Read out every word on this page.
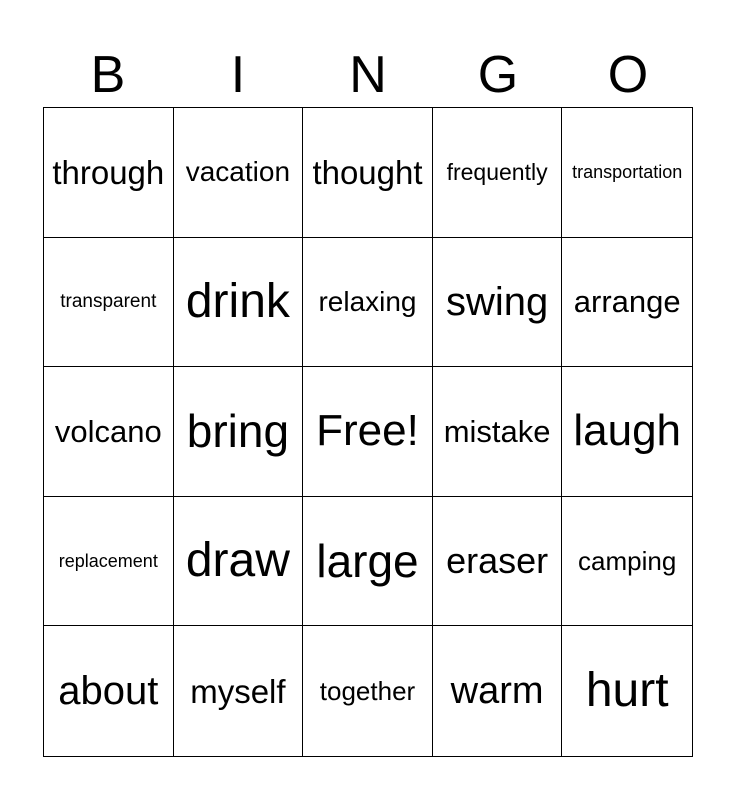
B	I	N	G	O
through vacation thought	frequently	transportation
transparent drink	relaxing swing arrange
volcano bring Free! mistake laugh
replacement draw large eraser	camping
about myself	together warm hurt
